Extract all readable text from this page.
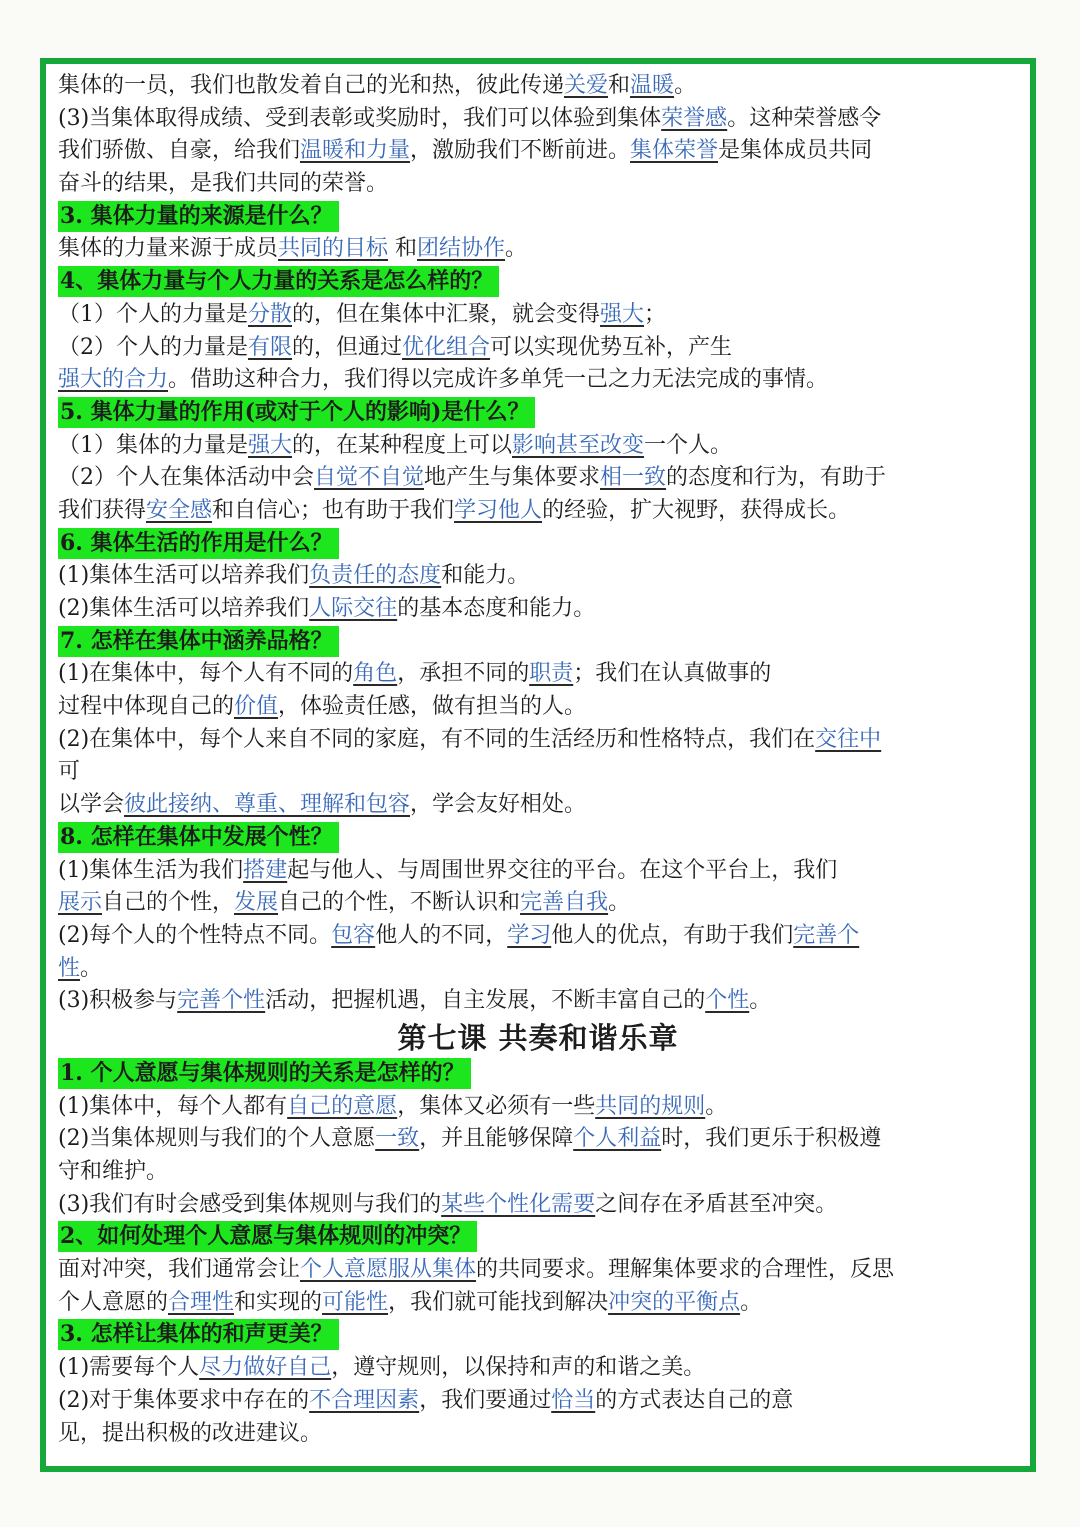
集体的一员，我们也散发着自己的光和热，彼此传递关爱和温暖。
(3)当集体取得成绩、受到表彰或奖励时，我们可以体验到集体荣誉感。这种荣誉感令
我们骄傲、自豪，给我们温暖和力量，激励我们不断前进。集体荣誉是集体成员共同
奋斗的结果，是我们共同的荣誉。
3. 集体力量的来源是什么？
集体的力量来源于成员共同的目标 和团结协作。
4、集体力量与个人力量的关系是怎么样的？
（1）个人的力量是分散的，但在集体中汇聚，就会变得强大；
（2）个人的力量是有限的，但通过优化组合可以实现优势互补，产生
强大的合力。借助这种合力，我们得以完成许多单凭一己之力无法完成的事情。
5. 集体力量的作用(或对于个人的影响)是什么？
（1）集体的力量是强大的，在某种程度上可以影响甚至改变一个人。
（2）个人在集体活动中会自觉不自觉地产生与集体要求相一致的态度和行为，有助于
我们获得安全感和自信心；也有助于我们学习他人的经验，扩大视野，获得成长。
6. 集体生活的作用是什么？
(1)集体生活可以培养我们负责任的态度和能力。
(2)集体生活可以培养我们人际交往的基本态度和能力。
7. 怎样在集体中涵养品格？
(1)在集体中，每个人有不同的角色，承担不同的职责；我们在认真做事的
过程中体现自己的价值，体验责任感，做有担当的人。
(2)在集体中，每个人来自不同的家庭，有不同的生活经历和性格特点，我们在交往中
可
以学会彼此接纳、尊重、理解和包容，学会友好相处。
8. 怎样在集体中发展个性？
(1)集体生活为我们搭建起与他人、与周围世界交往的平台。在这个平台上，我们
展示自己的个性，发展自己的个性，不断认识和完善自我。
(2)每个人的个性特点不同。包容他人的不同，学习他人的优点，有助于我们完善个
性。
(3)积极参与完善个性活动，把握机遇，自主发展，不断丰富自己的个性。
第七课 共奏和谐乐章
1. 个人意愿与集体规则的关系是怎样的？
(1)集体中，每个人都有自己的意愿，集体又必须有一些共同的规则。
(2)当集体规则与我们的个人意愿一致，并且能够保障个人利益时，我们更乐于积极遵
守和维护。
(3)我们有时会感受到集体规则与我们的某些个性化需要之间存在矛盾甚至冲突。
2、如何处理个人意愿与集体规则的冲突？
面对冲突，我们通常会让个人意愿服从集体的共同要求。理解集体要求的合理性，反思
个人意愿的合理性和实现的可能性，我们就可能找到解决冲突的平衡点。
3. 怎样让集体的和声更美？
(1)需要每个人尽力做好自己，遵守规则，以保持和声的和谐之美。
(2)对于集体要求中存在的不合理因素，我们要通过恰当的方式表达自己的意
见，提出积极的改进建议。
